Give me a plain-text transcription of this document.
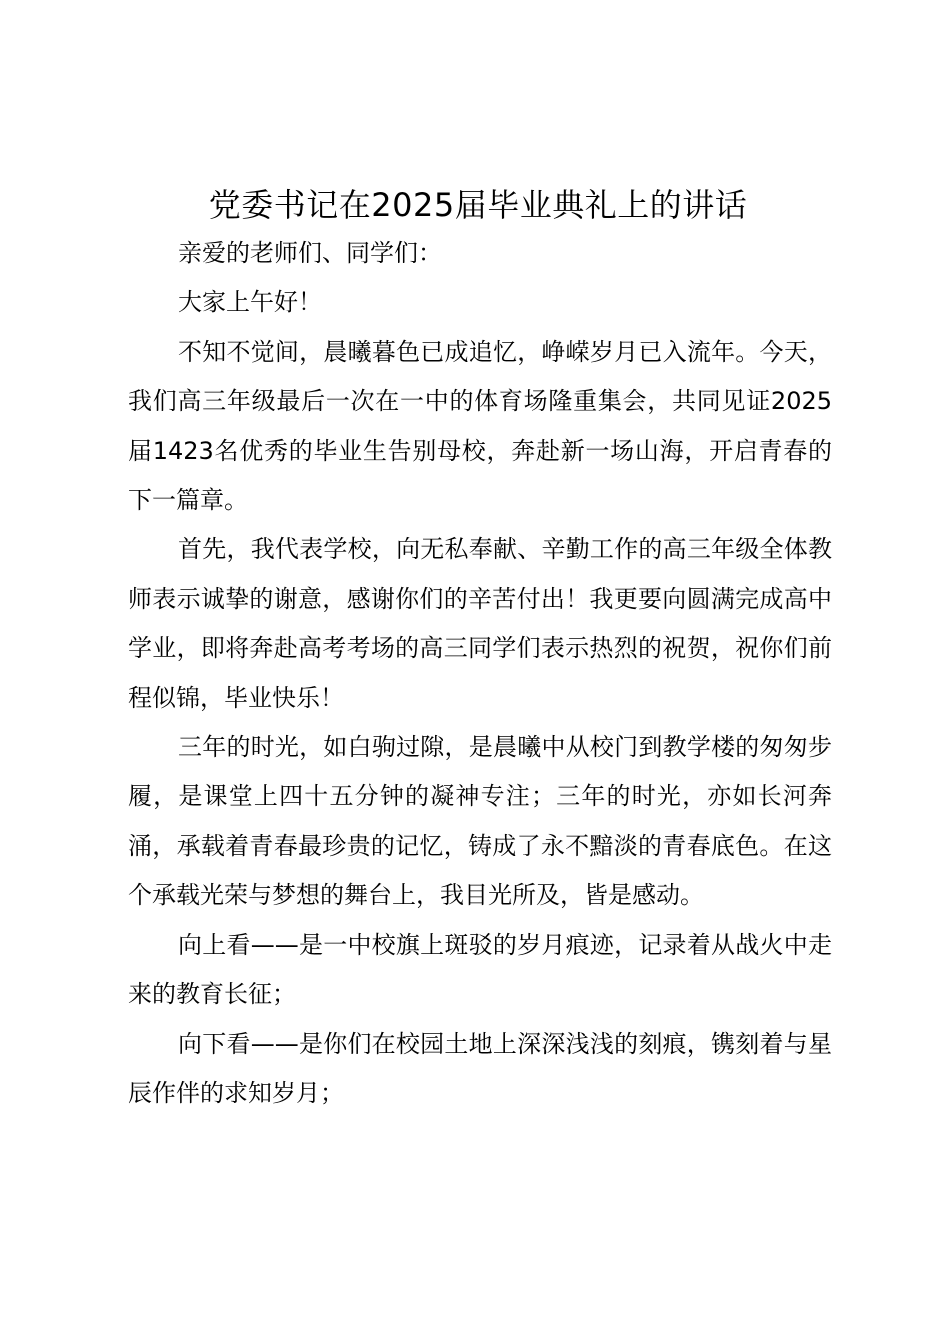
党委书记在2025届毕业典礼上的讲话

亲爱的老师们、同学们：

大家上午好！

不知不觉间，晨曦暮色已成追忆，峥嵘岁月已入流年。今天，我们高三年级最后一次在一中的体育场隆重集会，共同见证2025届1423名优秀的毕业生告别母校，奔赴新一场山海，开启青春的下一篇章。

首先，我代表学校，向无私奉献、辛勤工作的高三年级全体教师表示诚挚的谢意，感谢你们的辛苦付出！我更要向圆满完成高中学业，即将奔赴高考考场的高三同学们表示热烈的祝贺，祝你们前程似锦，毕业快乐！

三年的时光，如白驹过隙，是晨曦中从校门到教学楼的匆匆步履，是课堂上四十五分钟的凝神专注；三年的时光，亦如长河奔涌，承载着青春最珍贵的记忆，铸成了永不黯淡的青春底色。在这个承载光荣与梦想的舞台上，我目光所及，皆是感动。

向上看——是一中校旗上斑驳的岁月痕迹，记录着从战火中走来的教育长征；

向下看——是你们在校园土地上深深浅浅的刻痕，镌刻着与星辰作伴的求知岁月；
